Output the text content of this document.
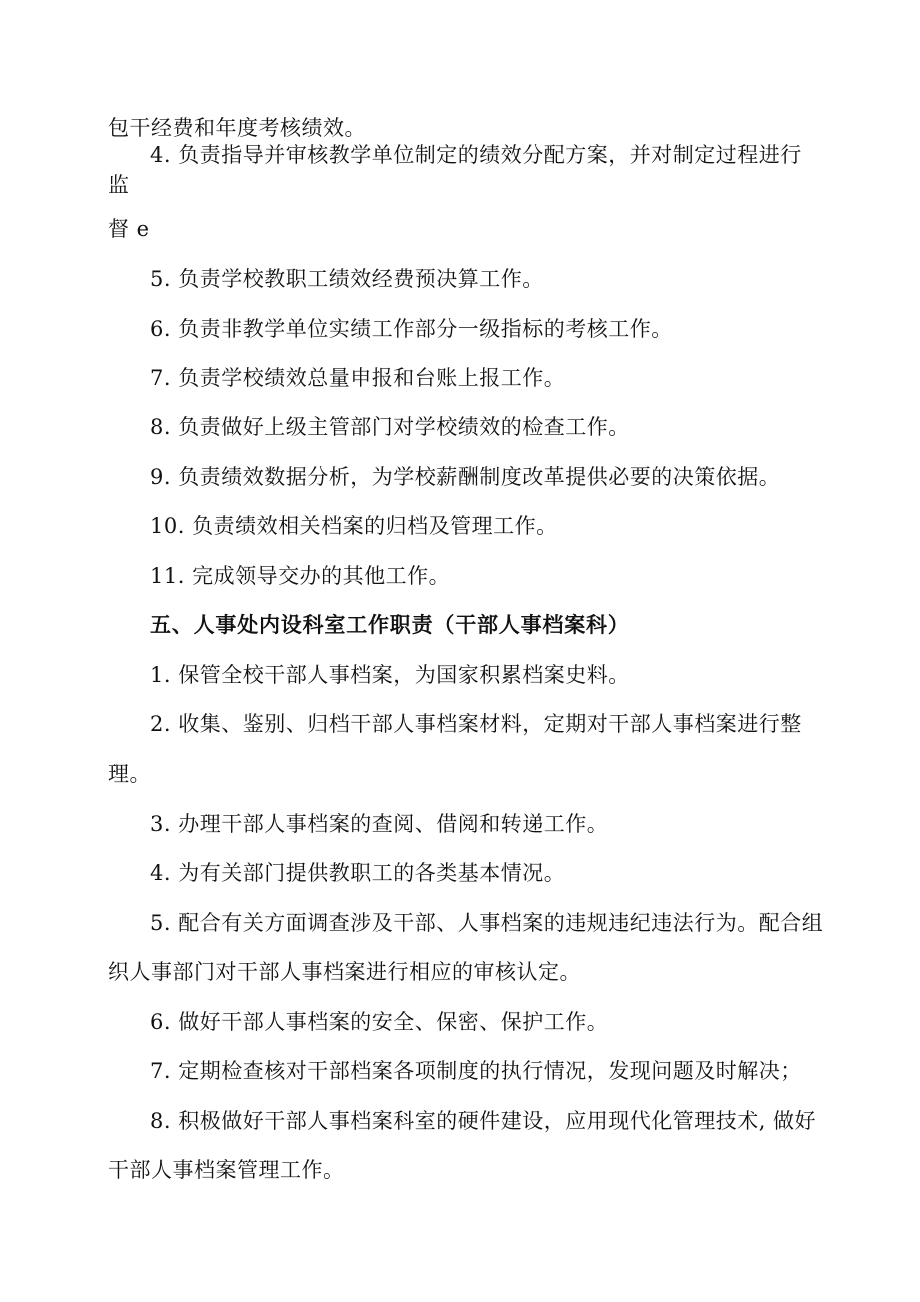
包干经费和年度考核绩效。
4. 负责指导并审核教学单位制定的绩效分配方案，并对制定过程进行
监
督 e
5. 负责学校教职工绩效经费预决算工作。
6. 负责非教学单位实绩工作部分一级指标的考核工作。
7. 负责学校绩效总量申报和台账上报工作。
8. 负责做好上级主管部门对学校绩效的检查工作。
9. 负责绩效数据分析，为学校薪酬制度改革提供必要的决策依据。
10. 负责绩效相关档案的归档及管理工作。
11. 完成领导交办的其他工作。
五、人事处内设科室工作职责（干部人事档案科）
1. 保管全校干部人事档案，为国家积累档案史料。
2. 收集、鉴别、归档干部人事档案材料，定期对干部人事档案进行整
理。
3. 办理干部人事档案的查阅、借阅和转递工作。
4. 为有关部门提供教职工的各类基本情况。
5. 配合有关方面调查涉及干部、人事档案的违规违纪违法行为。配合组
织人事部门对干部人事档案进行相应的审核认定。
6. 做好干部人事档案的安全、保密、保护工作。
7. 定期检查核对干部档案各项制度的执行情况，发现问题及时解决；
8. 积极做好干部人事档案科室的硬件建设，应用现代化管理技术, 做好
干部人事档案管理工作。
